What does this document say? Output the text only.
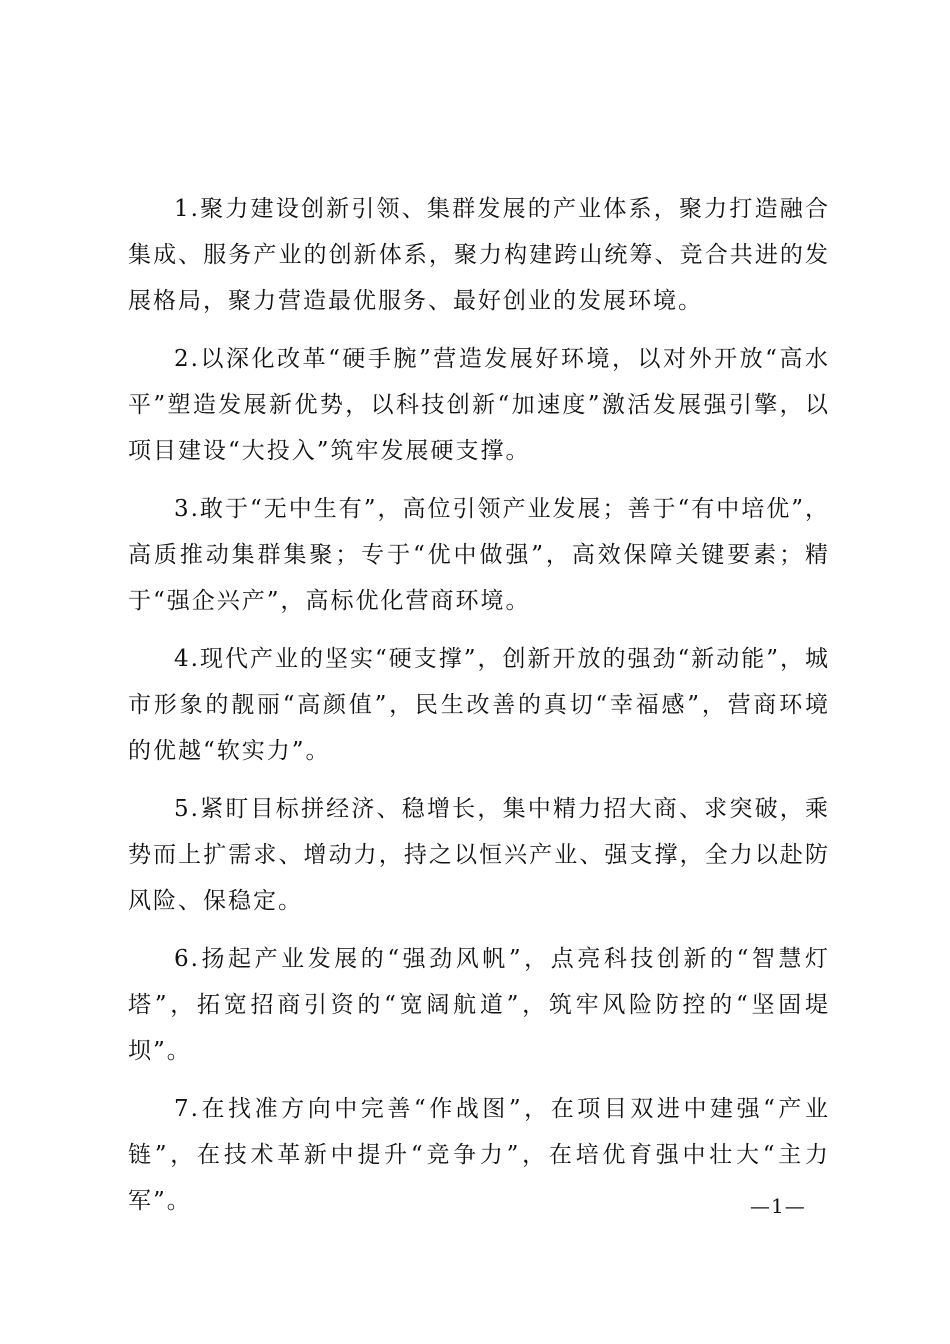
1.聚力建设创新引领、集群发展的产业体系，聚力打造融合集成、服务产业的创新体系，聚力构建跨山统筹、竞合共进的发展格局，聚力营造最优服务、最好创业的发展环境。

2.以深化改革“硬手腕”营造发展好环境，以对外开放“高水平”塑造发展新优势，以科技创新“加速度”激活发展强引擎，以项目建设“大投入”筑牢发展硬支撑。

3.敢于“无中生有”，高位引领产业发展；善于“有中培优”，高质推动集群集聚；专于“优中做强”，高效保障关键要素；精于“强企兴产”，高标优化营商环境。

4.现代产业的坚实“硬支撑”，创新开放的强劲“新动能”，城市形象的靓丽“高颜值”，民生改善的真切“幸福感”，营商环境的优越“软实力”。

5.紧盯目标拼经济、稳增长，集中精力招大商、求突破，乘势而上扩需求、增动力，持之以恒兴产业、强支撑，全力以赴防风险、保稳定。

6.扬起产业发展的“强劲风帆”，点亮科技创新的“智慧灯塔”，拓宽招商引资的“宽阔航道”，筑牢风险防控的“坚固堤坝”。

7.在找准方向中完善“作战图”，在项目双进中建强“产业链”，在技术革新中提升“竞争力”，在培优育强中壮大“主力军”。	—1—
